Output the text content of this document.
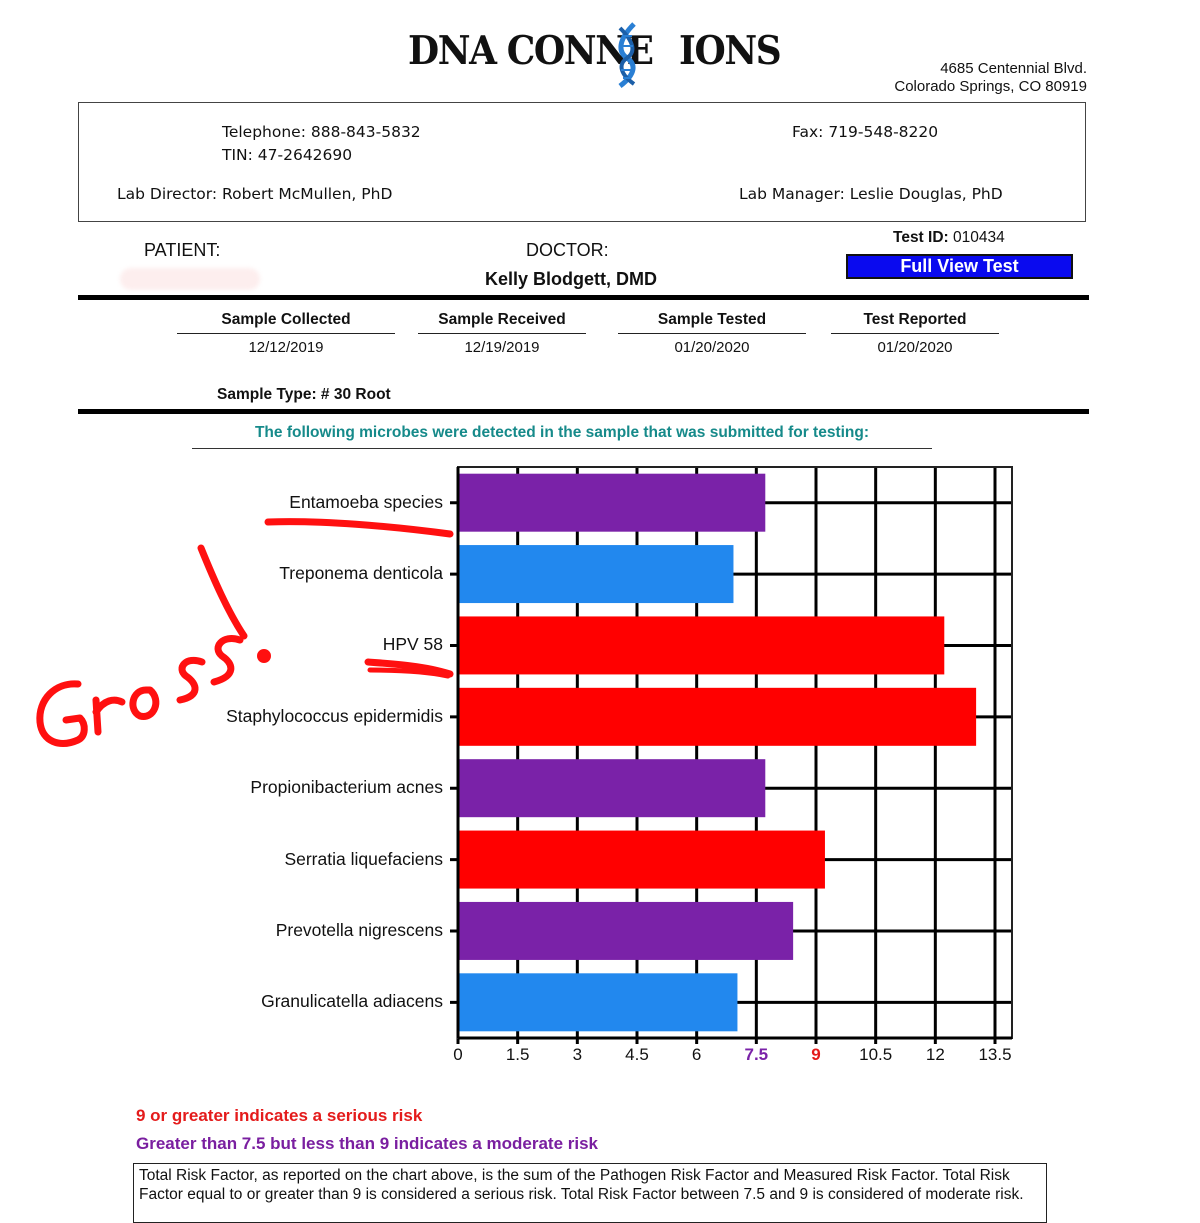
DNA CONNE IONS	4685 Centennial Blvd.
Colorado Springs, CO 80919
Telephone: 888-843-5832
TIN: 47-2642690
Fax: 719-548-8220
Lab Director: Robert McMullen, PhD	Lab Manager: Leslie Douglas, PhD
PATIENT:	DOCTOR:
Kelly Blodgett, DMD
Test ID: 010434
Full View Test
Sample Collected
12/12/2019
Sample Received
12/19/2019
Sample Tested
01/20/2020
Test Reported
01/20/2020
Sample Type: # 30 Root
The following microbes were detected in the sample that was submitted for testing:
Entamoeba species
Treponema denticola
HPV 58
Staphylococcus epidermidis
Propionibacterium acnes
Serratia liquefaciens
Prevotella nigrescens
Granulicatella adiacens
0	1.5	3	4.5	6	7.5	9	10.5	12	13.5
9 or greater indicates a serious risk
Greater than 7.5 but less than 9 indicates a moderate risk
Total Risk Factor, as reported on the chart above, is the sum of the Pathogen Risk Factor and Measured Risk Factor. Total Risk Factor equal to or greater than 9 is considered a serious risk. Total Risk Factor between 7.5 and 9 is considered of moderate risk.
